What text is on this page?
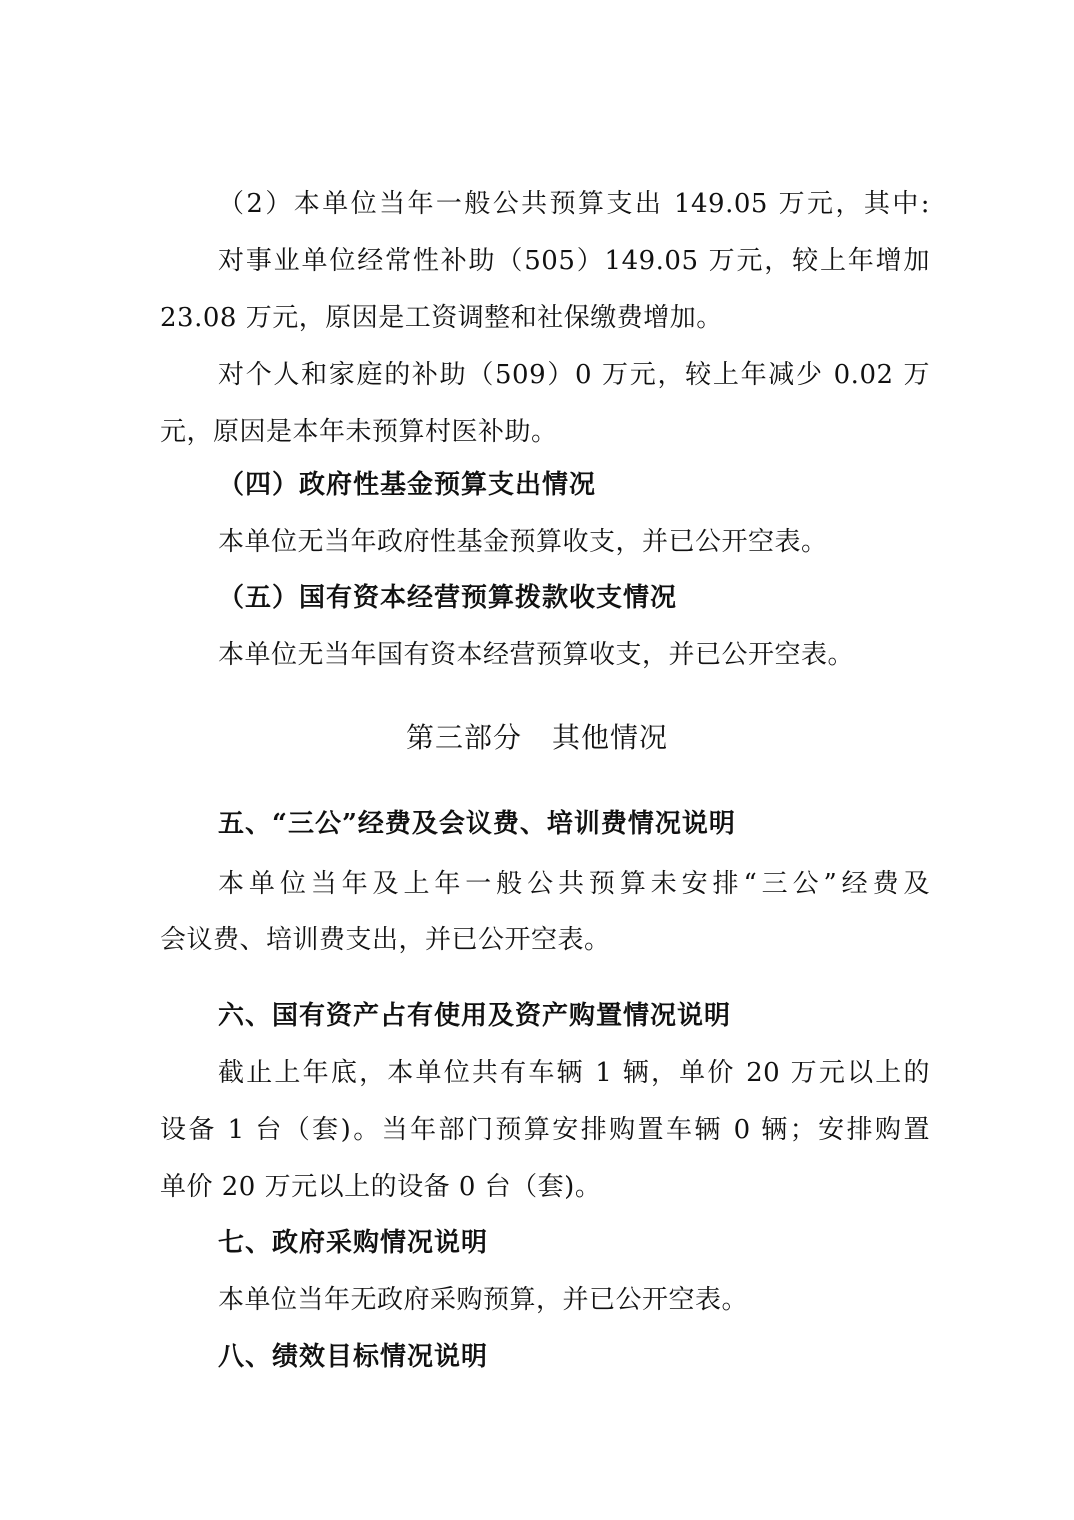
（2）本单位当年一般公共预算支出 149.05 万元，其中:
对事业单位经常性补助（505）149.05 万元，较上年增加
23.08 万元，原因是工资调整和社保缴费增加。
对个人和家庭的补助（509）0 万元，较上年减少 0.02 万
元，原因是本年未预算村医补助。
（四）政府性基金预算支出情况
本单位无当年政府性基金预算收支，并已公开空表。
（五）国有资本经营预算拨款收支情况
本单位无当年国有资本经营预算收支，并已公开空表。
第三部分 其他情况
五、“三公”经费及会议费、培训费情况说明
本单位当年及上年一般公共预算未安排“三公”经费及
会议费、培训费支出，并已公开空表。
六、国有资产占有使用及资产购置情况说明
截止上年底，本单位共有车辆 1 辆，单价 20 万元以上的
设备 1 台（套)。当年部门预算安排购置车辆 0 辆；安排购置
单价 20 万元以上的设备 0 台（套)。
七、政府采购情况说明
本单位当年无政府采购预算，并已公开空表。
八、绩效目标情况说明
